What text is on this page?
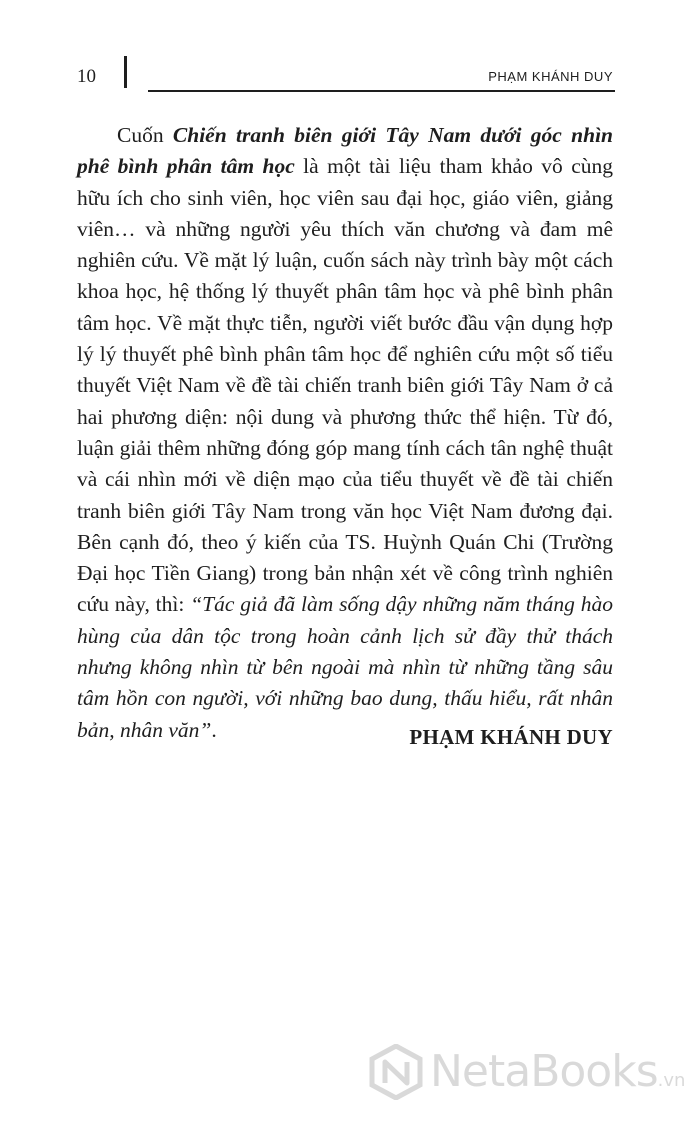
10	PHẠM KHÁNH DUY

Cuốn Chiến tranh biên giới Tây Nam dưới góc nhìn phê bình phân tâm học là một tài liệu tham khảo vô cùng hữu ích cho sinh viên, học viên sau đại học, giáo viên, giảng viên… và những người yêu thích văn chương và đam mê nghiên cứu. Về mặt lý luận, cuốn sách này trình bày một cách khoa học, hệ thống lý thuyết phân tâm học và phê bình phân tâm học. Về mặt thực tiễn, người viết bước đầu vận dụng hợp lý lý thuyết phê bình phân tâm học để nghiên cứu một số tiểu thuyết Việt Nam về đề tài chiến tranh biên giới Tây Nam ở cả hai phương diện: nội dung và phương thức thể hiện. Từ đó, luận giải thêm những đóng góp mang tính cách tân nghệ thuật và cái nhìn mới về diện mạo của tiểu thuyết về đề tài chiến tranh biên giới Tây Nam trong văn học Việt Nam đương đại. Bên cạnh đó, theo ý kiến của TS. Huỳnh Quán Chi (Trường Đại học Tiền Giang) trong bản nhận xét về công trình nghiên cứu này, thì: “Tác giả đã làm sống dậy những năm tháng hào hùng của dân tộc trong hoàn cảnh lịch sử đầy thử thách nhưng không nhìn từ bên ngoài mà nhìn từ những tầng sâu tâm hồn con người, với những bao dung, thấu hiểu, rất nhân bản, nhân văn”.	PHẠM KHÁNH DUY
NetaBooks.vn
